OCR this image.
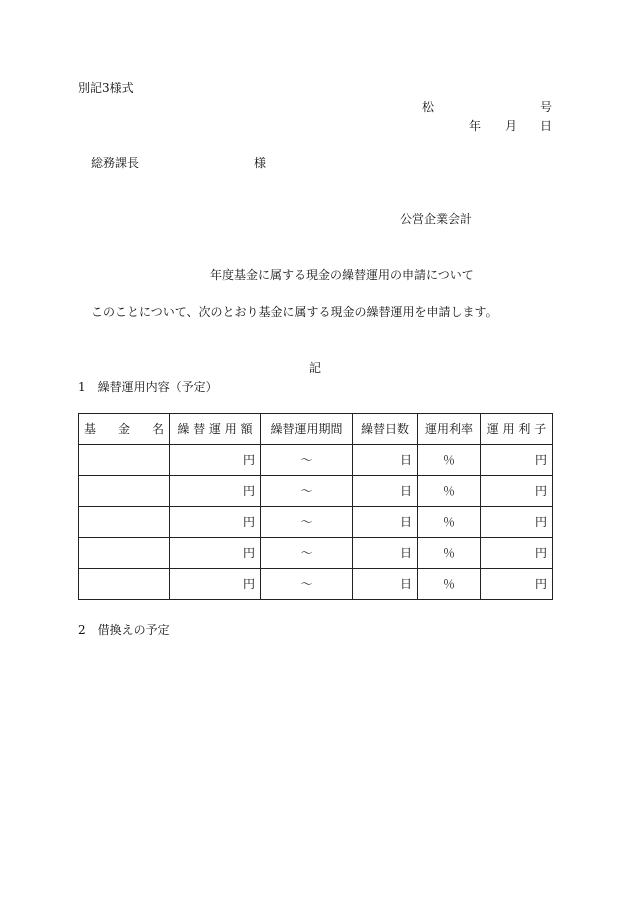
別記3様式
松	号
年 月 日
総務課長	様
公営企業会計
年度基金に属する現金の繰替運用の申請について
このことについて、次のとおり基金に属する現金の繰替運用を申請します。
記
1　繰替運用内容（予定）
基 金 名	繰 替 運 用 額	繰替運用期間	繰替日数	運用利率	運 用 利 子
	円	～	日	％	円
	円	～	日	％	円
	円	～	日	％	円
	円	～	日	％	円
	円	～	日	％	円
2　借換えの予定
